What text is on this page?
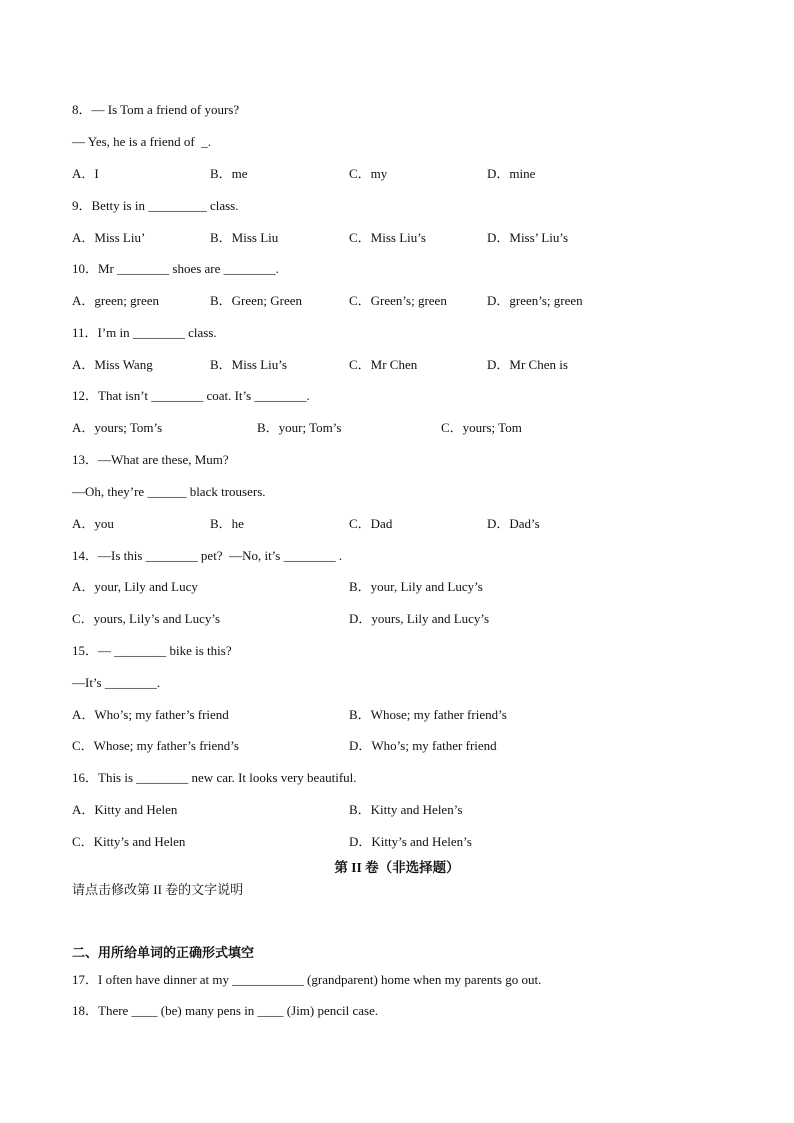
8．— Is Tom a friend of yours?
— Yes, he is a friend of  _.
A．I	B．me	C．my	D．mine
9．Betty is in _________ class.
A．Miss Liu’	B．Miss Liu	C．Miss Liu’s	D．Miss’ Liu’s
10．Mr ________ shoes are ________.
A．green; green	B．Green; Green	C．Green’s; green	D．green’s; green
11．I’m in ________ class.
A．Miss Wang	B．Miss Liu’s	C．Mr Chen	D．Mr Chen is
12．That isn’t ________ coat. It’s ________.
A．yours; Tom’s	B．your; Tom’s	C．yours; Tom
13．—What are these, Mum?
—Oh, they’re ______ black trousers.
A．you	B．he	C．Dad	D．Dad’s
14．—Is this ________ pet?  —No, it’s ________ .
A．your, Lily and Lucy	B．your, Lily and Lucy’s
C．yours, Lily’s and Lucy’s	D．yours, Lily and Lucy’s
15．— ________ bike is this?
—It’s ________.
A．Who’s; my father’s friend	B．Whose; my father friend’s
C．Whose; my father’s friend’s	D．Who’s; my father friend
16．This is ________ new car. It looks very beautiful.
A．Kitty and Helen	B．Kitty and Helen’s
C．Kitty’s and Helen	D．Kitty’s and Helen’s
第 II 卷（非选择题）
请点击修改第 II 卷的文字说明
二、用所给单词的正确形式填空
17．I often have dinner at my ___________ (grandparent) home when my parents go out.
18．There ____ (be) many pens in ____ (Jim) pencil case.
